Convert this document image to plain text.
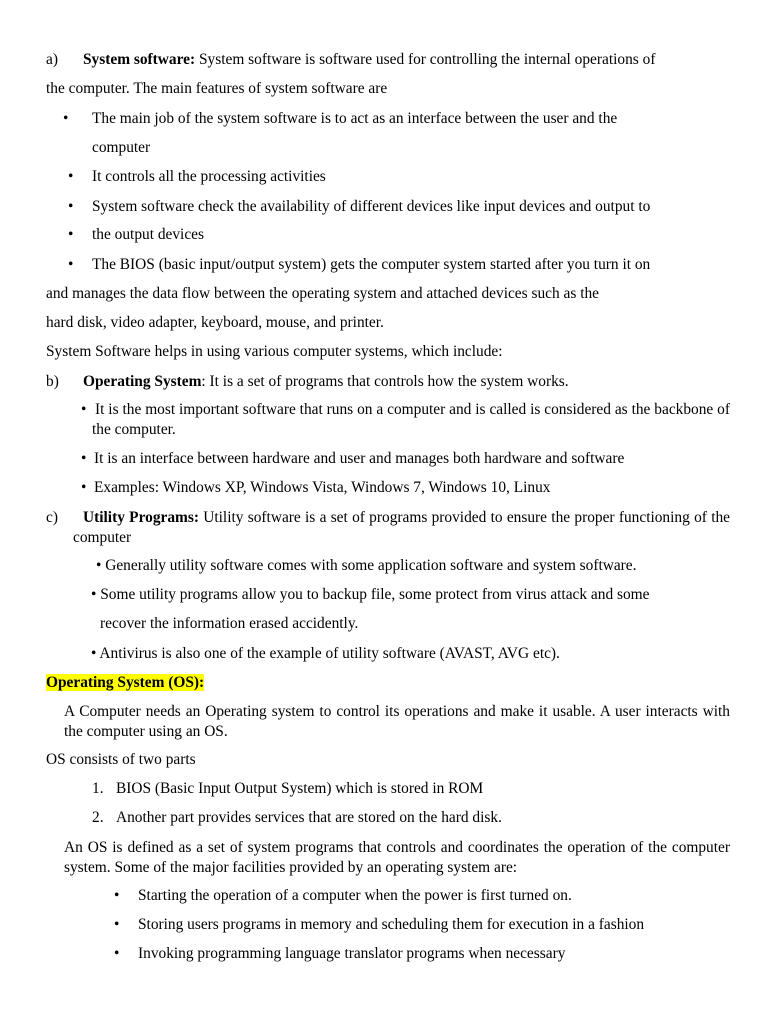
a) System software: System software is software used for controlling the internal operations of
the computer. The main features of system software are
• The main job of the system software is to act as an interface between the user and the
computer
• It controls all the processing activities
• System software check the availability of different devices like input devices and output to
• the output devices
• The BIOS (basic input/output system) gets the computer system started after you turn it on
and manages the data flow between the operating system and attached devices such as the
hard disk, video adapter, keyboard, mouse, and printer.
System Software helps in using various computer systems, which include:
b) Operating System: It is a set of programs that controls how the system works.
• It is the most important software that runs on a computer and is called is considered as the backbone of the computer.
• It is an interface between hardware and user and manages both hardware and software
• Examples: Windows XP, Windows Vista, Windows 7, Windows 10, Linux
c)	Utility Programs: Utility software is a set of programs provided to ensure the proper functioning of the computer
• Generally utility software comes with some application software and system software.
• Some utility programs allow you to backup file, some protect from virus attack and some
recover the information erased accidently.
• Antivirus is also one of the example of utility software (AVAST, AVG etc).
Operating System (OS):
A Computer needs an Operating system to control its operations and make it usable. A user interacts with the computer using an OS.
OS consists of two parts
1. BIOS (Basic Input Output System) which is stored in ROM
2. Another part provides services that are stored on the hard disk.
An OS is defined as a set of system programs that controls and coordinates the operation of the computer system. Some of the major facilities provided by an operating system are:
• Starting the operation of a computer when the power is first turned on.
• Storing users programs in memory and scheduling them for execution in a fashion
• Invoking programming language translator programs when necessary
